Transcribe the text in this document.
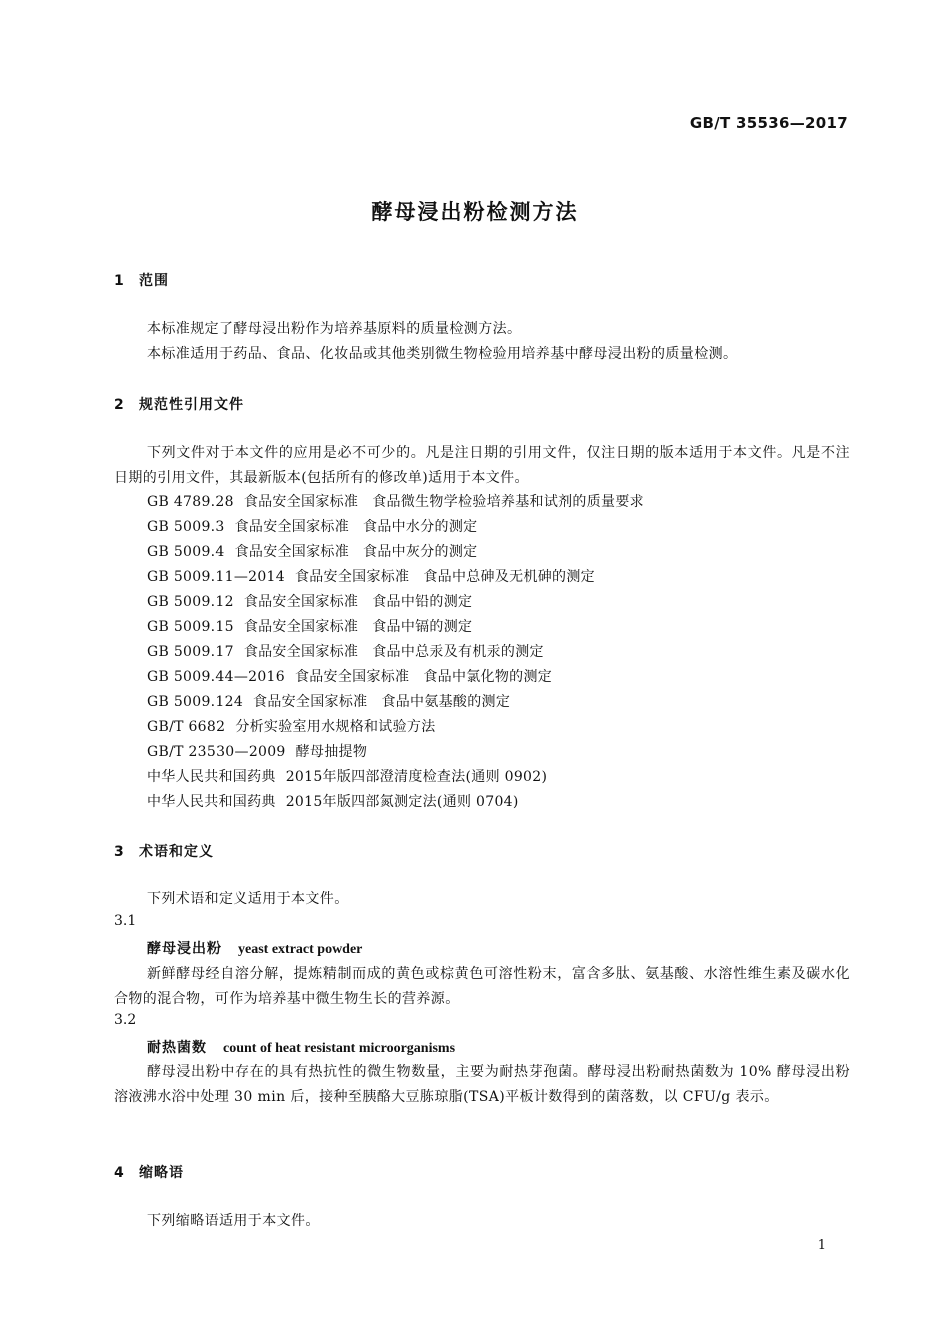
GB/T 35536—2017
酵母浸出粉检测方法
1 范围
本标准规定了酵母浸出粉作为培养基原料的质量检测方法。
本标准适用于药品、食品、化妆品或其他类别微生物检验用培养基中酵母浸出粉的质量检测。
2 规范性引用文件
下列文件对于本文件的应用是必不可少的。凡是注日期的引用文件，仅注日期的版本适用于本文件。凡是不注日期的引用文件，其最新版本(包括所有的修改单)适用于本文件。
GB 4789.28 食品安全国家标准 食品微生物学检验培养基和试剂的质量要求
GB 5009.3 食品安全国家标准 食品中水分的测定
GB 5009.4 食品安全国家标准 食品中灰分的测定
GB 5009.11—2014 食品安全国家标准 食品中总砷及无机砷的测定
GB 5009.12 食品安全国家标准 食品中铅的测定
GB 5009.15 食品安全国家标准 食品中镉的测定
GB 5009.17 食品安全国家标准 食品中总汞及有机汞的测定
GB 5009.44—2016 食品安全国家标准 食品中氯化物的测定
GB 5009.124 食品安全国家标准 食品中氨基酸的测定
GB/T 6682 分析实验室用水规格和试验方法
GB/T 23530—2009 酵母抽提物
中华人民共和国药典 2015年版四部澄清度检查法(通则 0902)
中华人民共和国药典 2015年版四部氮测定法(通则 0704)
3 术语和定义
下列术语和定义适用于本文件。
3.1
酵母浸出粉 yeast extract powder
新鲜酵母经自溶分解，提炼精制而成的黄色或棕黄色可溶性粉末，富含多肽、氨基酸、水溶性维生素及碳水化合物的混合物，可作为培养基中微生物生长的营养源。
3.2
耐热菌数 count of heat resistant microorganisms
酵母浸出粉中存在的具有热抗性的微生物数量，主要为耐热芽孢菌。酵母浸出粉耐热菌数为 10% 酵母浸出粉溶液沸水浴中处理 30 min 后，接种至胰酪大豆胨琼脂(TSA)平板计数得到的菌落数，以 CFU/g 表示。
4 缩略语
下列缩略语适用于本文件。
1
